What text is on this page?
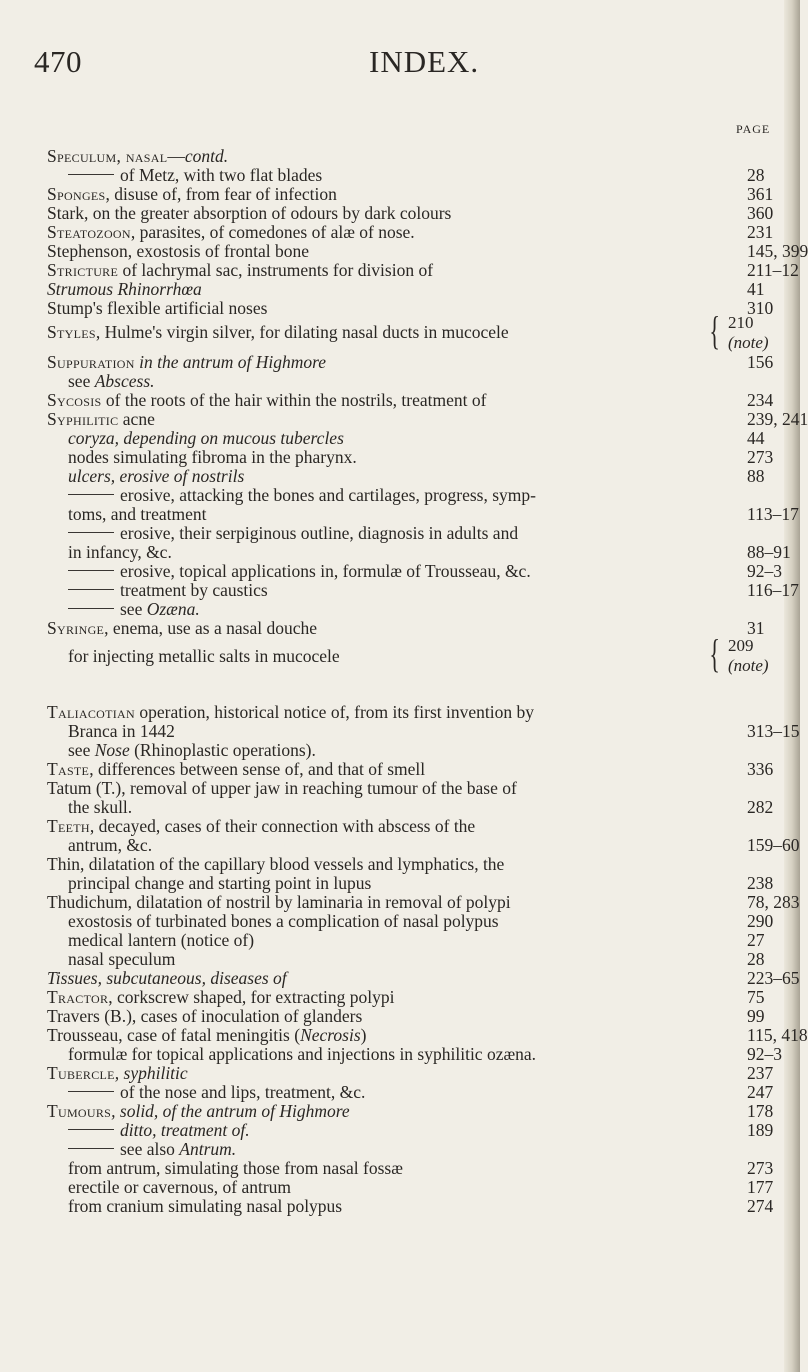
470	INDEX.
PAGE
Speculum, nasal—contd.
of Metz, with two flat blades	28
Sponges, disuse of, from fear of infection	361
Stark, on the greater absorption of odours by dark colours	360
Steatozoon, parasites, of comedones of alæ of nose.	231
Stephenson, exostosis of frontal bone	145, 399
Stricture of lachrymal sac, instruments for division of	211–12
Strumous Rhinorrhœa	41
Stump's flexible artificial noses	310
Styles, Hulme's virgin silver, for dilating nasal ducts in mucocele	{ 210
(note)
Suppuration in the antrum of Highmore	156
see Abscess.
Sycosis of the roots of the hair within the nostrils, treatment of	234
Syphilitic acne	239, 241
coryza, depending on mucous tubercles	44
nodes simulating fibroma in the pharynx.	273
ulcers, erosive of nostrils	88
erosive, attacking the bones and cartilages, progress, symp-
toms, and treatment	113–17
erosive, their serpiginous outline, diagnosis in adults and
in infancy, &c.	88–91
erosive, topical applications in, formulæ of Trousseau, &c.	92–3
treatment by caustics	116–17
see Ozæna.
Syringe, enema, use as a nasal douche	31
for injecting metallic salts in mucocele	{ 209
(note)
Taliacotian operation, historical notice of, from its first invention by
Branca in 1442	313–15
see Nose (Rhinoplastic operations).
Taste, differences between sense of, and that of smell	336
Tatum (T.), removal of upper jaw in reaching tumour of the base of
the skull.	282
Teeth, decayed, cases of their connection with abscess of the
antrum, &c.	159–60
Thin, dilatation of the capillary blood vessels and lymphatics, the
principal change and starting point in lupus	238
Thudichum, dilatation of nostril by laminaria in removal of polypi	78, 283
exostosis of turbinated bones a complication of nasal polypus	290
medical lantern (notice of)	27
nasal speculum	28
Tissues, subcutaneous, diseases of	223–65
Tractor, corkscrew shaped, for extracting polypi	75
Travers (B.), cases of inoculation of glanders	99
Trousseau, case of fatal meningitis (Necrosis)	115, 418
formulæ for topical applications and injections in syphilitic ozæna.	92–3
Tubercle, syphilitic	237
of the nose and lips, treatment, &c.	247
Tumours, solid, of the antrum of Highmore	178
ditto, treatment of.	189
see also Antrum.
from antrum, simulating those from nasal fossæ	273
erectile or cavernous, of antrum	177
from cranium simulating nasal polypus	274
